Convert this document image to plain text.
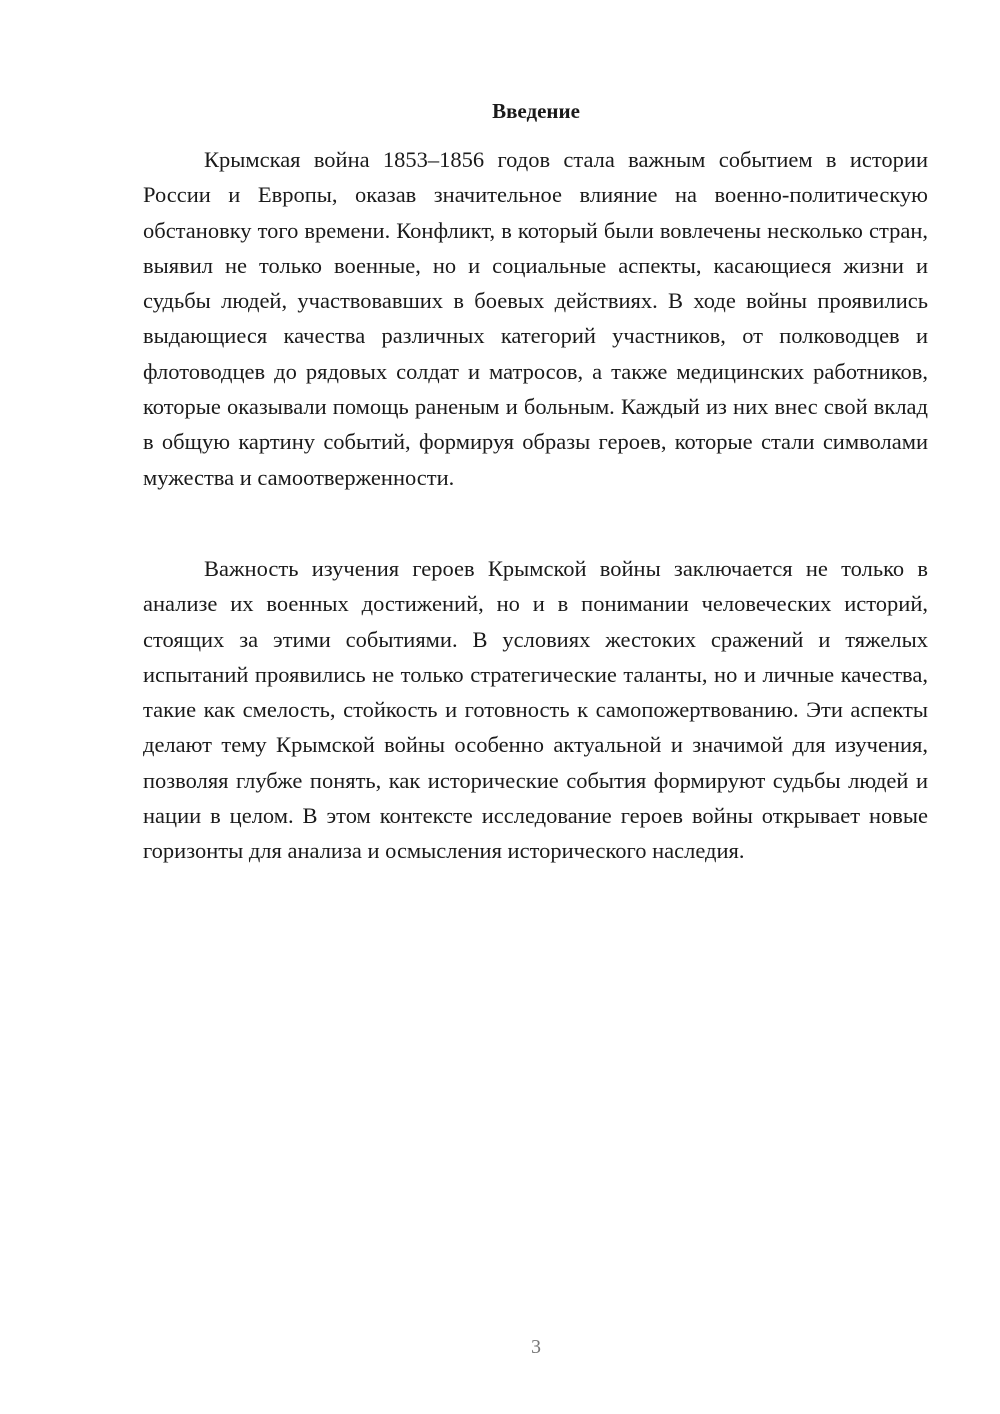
Введение

Крымская война 1853–1856 годов стала важным событием в истории России и Европы, оказав значительное влияние на военно-политическую обстановку того времени. Конфликт, в который были вовлечены несколько стран, выявил не только военные, но и социальные аспекты, касающиеся жизни и судьбы людей, участвовавших в боевых действиях. В ходе войны проявились выдающиеся качества различных категорий участников, от полководцев и флотоводцев до рядовых солдат и матросов, а также медицинских работников, которые оказывали помощь раненым и больным. Каждый из них внес свой вклад в общую картину событий, формируя образы героев, которые стали символами мужества и самоотверженности.

Важность изучения героев Крымской войны заключается не только в анализе их военных достижений, но и в понимании человеческих историй, стоящих за этими событиями. В условиях жестоких сражений и тяжелых испытаний проявились не только стратегические таланты, но и личные качества, такие как смелость, стойкость и готовность к самопожертвованию. Эти аспекты делают тему Крымской войны особенно актуальной и значимой для изучения, позволяя глубже понять, как исторические события формируют судьбы людей и нации в целом. В этом контексте исследование героев войны открывает новые горизонты для анализа и осмысления исторического наследия.

3
